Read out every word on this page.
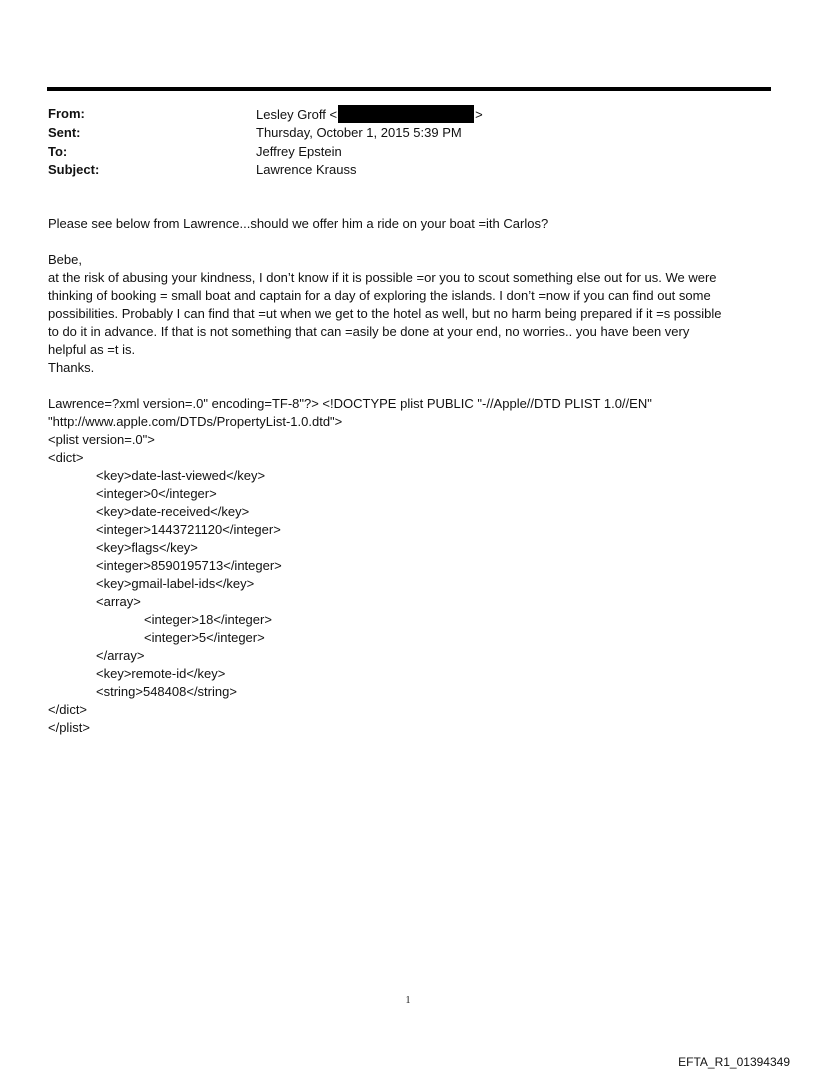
From:	Lesley Groff <	>
Sent:	Thursday, October 1, 2015 5:39 PM
To:	Jeffrey Epstein
Subject:	Lawrence Krauss

Please see below from Lawrence...should we offer him a ride on your boat =ith Carlos?

Bebe,

at the risk of abusing your kindness, I don’t know if it is possible =or you to scout something else out for us. We were

thinking of booking = small boat and captain for a day of exploring the islands. I don’t =now if you can find out some

possibilities. Probably I can find that =ut when we get to the hotel as well, but no harm being prepared if it =s possible

to do it in advance. If that is not something that can =asily be done at your end, no worries.. you have been very

helpful as =t is.

Thanks.

Lawrence=?xml version=.0" encoding=TF-8"?> <!DOCTYPE plist PUBLIC "-//Apple//DTD PLIST 1.0//EN"

"http://www.apple.com/DTDs/PropertyList-1.0.dtd">

<plist version=.0">

<dict>

<key>date-last-viewed</key>

<integer>0</integer>

<key>date-received</key>

<integer>1443721120</integer>

<key>flags</key>

<integer>8590195713</integer>

<key>gmail-label-ids</key>

<array>

<integer>18</integer>

<integer>5</integer>

</array>

<key>remote-id</key>

<string>548408</string>

</dict>

</plist>

1
EFTA_R1_01394349
